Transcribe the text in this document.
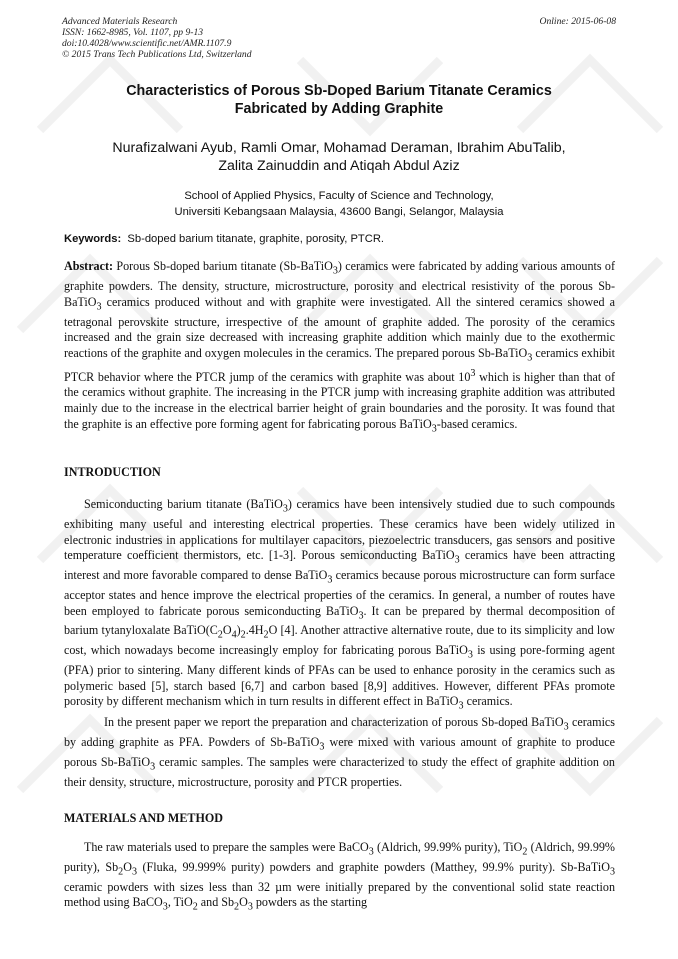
Advanced Materials Research
ISSN: 1662-8985, Vol. 1107, pp 9-13
doi:10.4028/www.scientific.net/AMR.1107.9
© 2015 Trans Tech Publications Ltd, Switzerland
Online: 2015-06-08
Characteristics of Porous Sb-Doped Barium Titanate Ceramics
Fabricated by Adding Graphite
Nurafizalwani Ayub, Ramli Omar, Mohamad Deraman, Ibrahim AbuTalib,
Zalita Zainuddin and Atiqah Abdul Aziz
School of Applied Physics, Faculty of Science and Technology,
Universiti Kebangsaan Malaysia, 43600 Bangi, Selangor, Malaysia
Keywords: Sb-doped barium titanate, graphite, porosity, PTCR.

Abstract: Porous Sb-doped barium titanate (Sb-BaTiO$_3$) ceramics were fabricated by adding various amounts of graphite powders. The density, structure, microstructure, porosity and electrical resistivity of the porous Sb-BaTiO$_3$ ceramics produced without and with graphite were investigated. All the sintered ceramics showed a tetragonal perovskite structure, irrespective of the amount of graphite added. The porosity of the ceramics increased and the grain size decreased with increasing graphite addition which mainly due to the exothermic reactions of the graphite and oxygen molecules in the ceramics. The prepared porous Sb-BaTiO$_3$ ceramics exhibit PTCR behavior where the PTCR jump of the ceramics with graphite was about $10^3$ which is higher than that of the ceramics without graphite. The increasing in the PTCR jump with increasing graphite addition was attributed mainly due to the increase in the electrical barrier height of grain boundaries and the porosity. It was found that the graphite is an effective pore forming agent for fabricating porous BaTiO$_3$-based ceramics.

INTRODUCTION

Semiconducting barium titanate (BaTiO$_3$) ceramics have been intensively studied due to such compounds exhibiting many useful and interesting electrical properties. These ceramics have been widely utilized in electronic industries in applications for multilayer capacitors, piezoelectric transducers, gas sensors and positive temperature coefficient thermistors, etc. [1-3]. Porous semiconducting BaTiO$_3$ ceramics have been attracting interest and more favorable compared to dense BaTiO$_3$ ceramics because porous microstructure can form surface acceptor states and hence improve the electrical properties of the ceramics. In general, a number of routes have been employed to fabricate porous semiconducting BaTiO$_3$. It can be prepared by thermal decomposition of barium tytanyloxalate $BaTiO(C_2O_4)_2.4H_2O$ [4]. Another attractive alternative route, due to its simplicity and low cost, which nowadays become increasingly employ for fabricating porous BaTiO$_3$ is using pore-forming agent (PFA) prior to sintering. Many different kinds of PFAs can be used to enhance porosity in the ceramics such as polymeric based [5], starch based [6,7] and carbon based [8,9] additives. However, different PFAs promote porosity by different mechanism which in turn results in different effect in BaTiO$_3$ ceramics.

In the present paper we report the preparation and characterization of porous Sb-doped BaTiO$_3$ ceramics by adding graphite as PFA. Powders of Sb-BaTiO$_3$ were mixed with various amount of graphite to produce porous Sb-BaTiO$_3$ ceramic samples. The samples were characterized to study the effect of graphite addition on their density, structure, microstructure, porosity and PTCR properties.

MATERIALS AND METHOD

The raw materials used to prepare the samples were BaCO$_3$ (Aldrich, 99.99% purity), TiO$_2$ (Aldrich, 99.99% purity), $Sb_2O_3$ (Fluka, 99.999% purity) powders and graphite powders (Matthey, 99.9% purity). Sb-BaTiO$_3$ ceramic powders with sizes less than 32 µm were initially prepared by the conventional solid state reaction method using BaCO$_3$, TiO$_2$ and $Sb_2O_3$ powders as the starting
